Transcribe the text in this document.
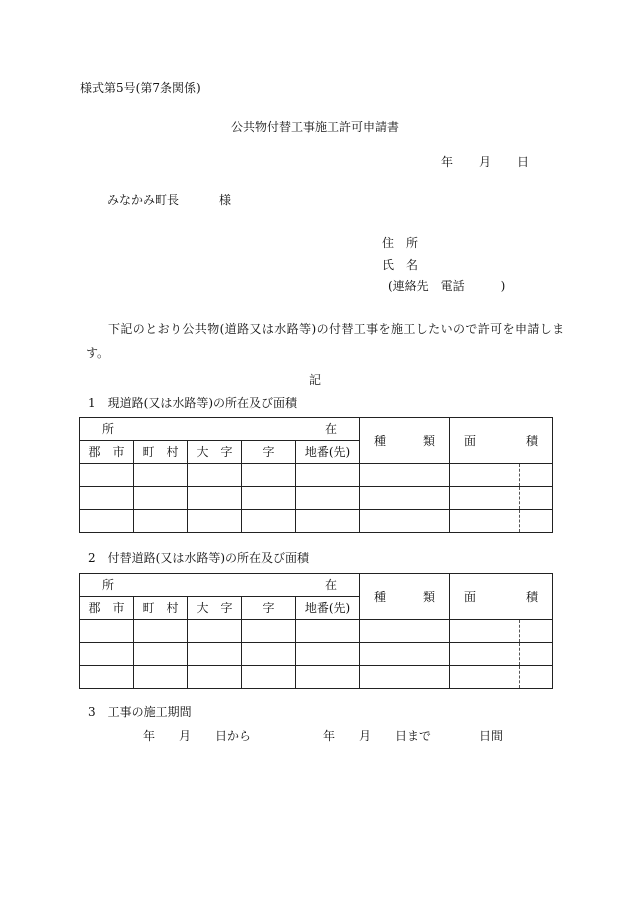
様式第5号(第7条関係)
公共物付替工事施工許可申請書
年 月 日
みなかみ町長	様
住　所
氏　名
(連絡先　電話　　　)
下記のとおり公共物(道路又は水路等)の付替工事を施工したいので許可を申請しま
す。
記
1　現道路(又は水路等)の所在及び面積
所 在					種 類	面 積
郡　市	町　村	大　字	字	地番(先)		

2　付替道路(又は水路等)の所在及び面積
所 在					種 類	面 積
郡　市	町　村	大　字	字	地番(先)		

3　工事の施工期間
年　　月　　日から　　　　　　年　　月　　日まで　　　　日間
